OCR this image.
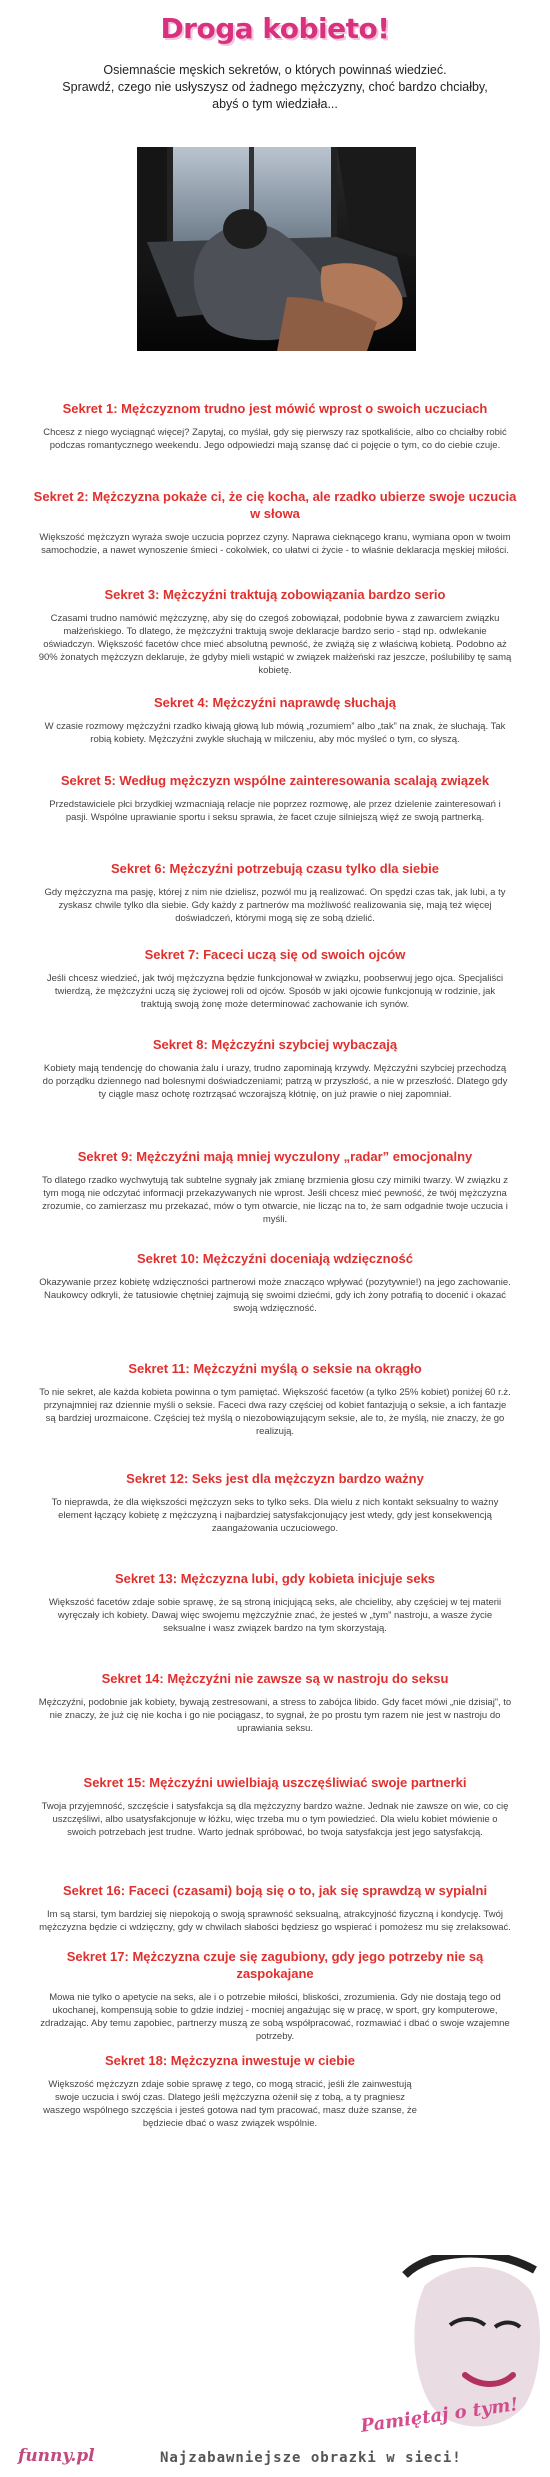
Droga kobieto!

Osiemnaście męskich sekretów, o których powinnaś wiedzieć.

Sprawdź, czego nie usłyszysz od żadnego mężczyzny, choć bardzo chciałby,

abyś o tym wiedziała...

Sekret 1: Mężczyznom trudno jest mówić wprost o swoich uczuciach
Chcesz z niego wyciągnąć więcej? Zapytaj, co myślał, gdy się pierwszy raz spotkaliście, albo co chciałby robić podczas romantycznego weekendu. Jego odpowiedzi mają szansę dać ci pojęcie o tym, co do ciebie czuje.
Sekret 2: Mężczyzna pokaże ci, że cię kocha, ale rzadko ubierze swoje uczucia w słowa
Większość mężczyzn wyraża swoje uczucia poprzez czyny. Naprawa cieknącego kranu, wymiana opon w twoim samochodzie, a nawet wynoszenie śmieci - cokolwiek, co ułatwi ci życie - to właśnie deklaracja męskiej miłości.
Sekret 3: Mężczyźni traktują zobowiązania bardzo serio
Czasami trudno namówić mężczyznę, aby się do czegoś zobowiązał, podobnie bywa z zawarciem związku małżeńskiego. To dlatego, że mężczyźni traktują swoje deklaracje bardzo serio - stąd np. odwlekanie oświadczyn. Większość facetów chce mieć absolutną pewność, że zwiążą się z właściwą kobietą. Podobno aż 90% żonatych mężczyzn deklaruje, że gdyby mieli wstąpić w związek małżeński raz jeszcze, poślubiliby tę samą kobietę.
Sekret 4: Mężczyźni naprawdę słuchają
W czasie rozmowy mężczyźni rzadko kiwają głową lub mówią „rozumiem” albo „tak” na znak, że słuchają. Tak robią kobiety. Mężczyźni zwykle słuchają w milczeniu, aby móc myśleć o tym, co słyszą.
Sekret 5: Według mężczyzn wspólne zainteresowania scalają związek
Przedstawiciele płci brzydkiej wzmacniają relacje nie poprzez rozmowę, ale przez dzielenie zainteresowań i pasji. Wspólne uprawianie sportu i seksu sprawia, że facet czuje silniejszą więź ze swoją partnerką.
Sekret 6: Mężczyźni potrzebują czasu tylko dla siebie
Gdy mężczyzna ma pasję, której z nim nie dzielisz, pozwól mu ją realizować. On spędzi czas tak, jak lubi, a ty zyskasz chwile tylko dla siebie. Gdy każdy z partnerów ma możliwość realizowania się, mają też więcej doświadczeń, którymi mogą się ze sobą dzielić.
Sekret 7: Faceci uczą się od swoich ojców
Jeśli chcesz wiedzieć, jak twój mężczyzna będzie funkcjonował w związku, poobserwuj jego ojca. Specjaliści twierdzą, że mężczyźni uczą się życiowej roli od ojców. Sposób w jaki ojcowie funkcjonują w rodzinie, jak traktują swoją żonę może determinować zachowanie ich synów.
Sekret 8: Mężczyźni szybciej wybaczają
Kobiety mają tendencję do chowania żalu i urazy, trudno zapominają krzywdy. Mężczyźni szybciej przechodzą do porządku dziennego nad bolesnymi doświadczeniami; patrzą w przyszłość, a nie w przeszłość. Dlatego gdy ty ciągle masz ochotę roztrząsać wczorajszą kłótnię, on już prawie o niej zapomniał.
Sekret 9: Mężczyźni mają mniej wyczulony „radar” emocjonalny
To dlatego rzadko wychwytują tak subtelne sygnały jak zmianę brzmienia głosu czy mimiki twarzy. W związku z tym mogą nie odczytać informacji przekazywanych nie wprost. Jeśli chcesz mieć pewność, że twój mężczyzna zrozumie, co zamierzasz mu przekazać, mów o tym otwarcie, nie licząc na to, że sam odgadnie twoje uczucia i myśli.
Sekret 10: Mężczyźni doceniają wdzięczność
Okazywanie przez kobietę wdzięczności partnerowi może znacząco wpływać (pozytywnie!) na jego zachowanie. Naukowcy odkryli, że tatusiowie chętniej zajmują się swoimi dziećmi, gdy ich żony potrafią to docenić i okazać swoją wdzięczność.
Sekret 11: Mężczyźni myślą o seksie na okrągło
To nie sekret, ale każda kobieta powinna o tym pamiętać. Większość facetów (a tylko 25% kobiet) poniżej 60 r.ż. przynajmniej raz dziennie myśli o seksie. Faceci dwa razy częściej od kobiet fantazjują o seksie, a ich fantazje są bardziej urozmaicone. Częściej też myślą o niezobowiązującym seksie, ale to, że myślą, nie znaczy, że go realizują.
Sekret 12: Seks jest dla mężczyzn bardzo ważny
To nieprawda, że dla większości mężczyzn seks to tylko seks. Dla wielu z nich kontakt seksualny to ważny element łączący kobietę z mężczyzną i najbardziej satysfakcjonujący jest wtedy, gdy jest konsekwencją zaangażowania uczuciowego.
Sekret 13: Mężczyzna lubi, gdy kobieta inicjuje seks
Większość facetów zdaje sobie sprawę, że są stroną inicjującą seks, ale chcieliby, aby częściej w tej materii wyręczały ich kobiety. Dawaj więc swojemu mężczyźnie znać, że jesteś w „tym” nastroju, a wasze życie seksualne i wasz związek bardzo na tym skorzystają.
Sekret 14: Mężczyźni nie zawsze są w nastroju do seksu
Mężczyźni, podobnie jak kobiety, bywają zestresowani, a stress to zabójca libido. Gdy facet mówi „nie dzisiaj”, to nie znaczy, że już cię nie kocha i go nie pociągasz, to sygnał, że po prostu tym razem nie jest w nastroju do uprawiania seksu.
Sekret 15: Mężczyźni uwielbiają uszczęśliwiać swoje partnerki
Twoja przyjemność, szczęście i satysfakcja są dla mężczyzny bardzo ważne. Jednak nie zawsze on wie, co cię uszczęśliwi, albo usatysfakcjonuje w łóżku, więc trzeba mu o tym powiedzieć. Dla wielu kobiet mówienie o swoich potrzebach jest trudne. Warto jednak spróbować, bo twoja satysfakcja jest jego satysfakcją.
Sekret 16: Faceci (czasami) boją się o to, jak się sprawdzą w sypialni
Im są starsi, tym bardziej się niepokoją o swoją sprawność seksualną, atrakcyjność fizyczną i kondycję. Twój mężczyzna będzie ci wdzięczny, gdy w chwilach słabości będziesz go wspierać i pomożesz mu się zrelaksować.
Sekret 17: Mężczyzna czuje się zagubiony, gdy jego potrzeby nie są zaspokajane
Mowa nie tylko o apetycie na seks, ale i o potrzebie miłości, bliskości, zrozumienia. Gdy nie dostają tego od ukochanej, kompensują sobie to gdzie indziej - mocniej angażując się w pracę, w sport, gry komputerowe, zdradzając. Aby temu zapobiec, partnerzy muszą ze sobą współpracować, rozmawiać i dbać o swoje wzajemne potrzeby.
Sekret 18: Mężczyzna inwestuje w ciebie
Większość mężczyzn zdaje sobie sprawę z tego, co mogą stracić, jeśli źle zainwestują swoje uczucia i swój czas. Dlatego jeśli mężczyzna ożenił się z tobą, a ty pragniesz waszego wspólnego szczęścia i jesteś gotowa nad tym pracować, masz duże szanse, że będziecie dbać o wasz związek wspólnie.
Pamiętaj o tym!
funny.pl	Najzabawniejsze obrazki w sieci!
